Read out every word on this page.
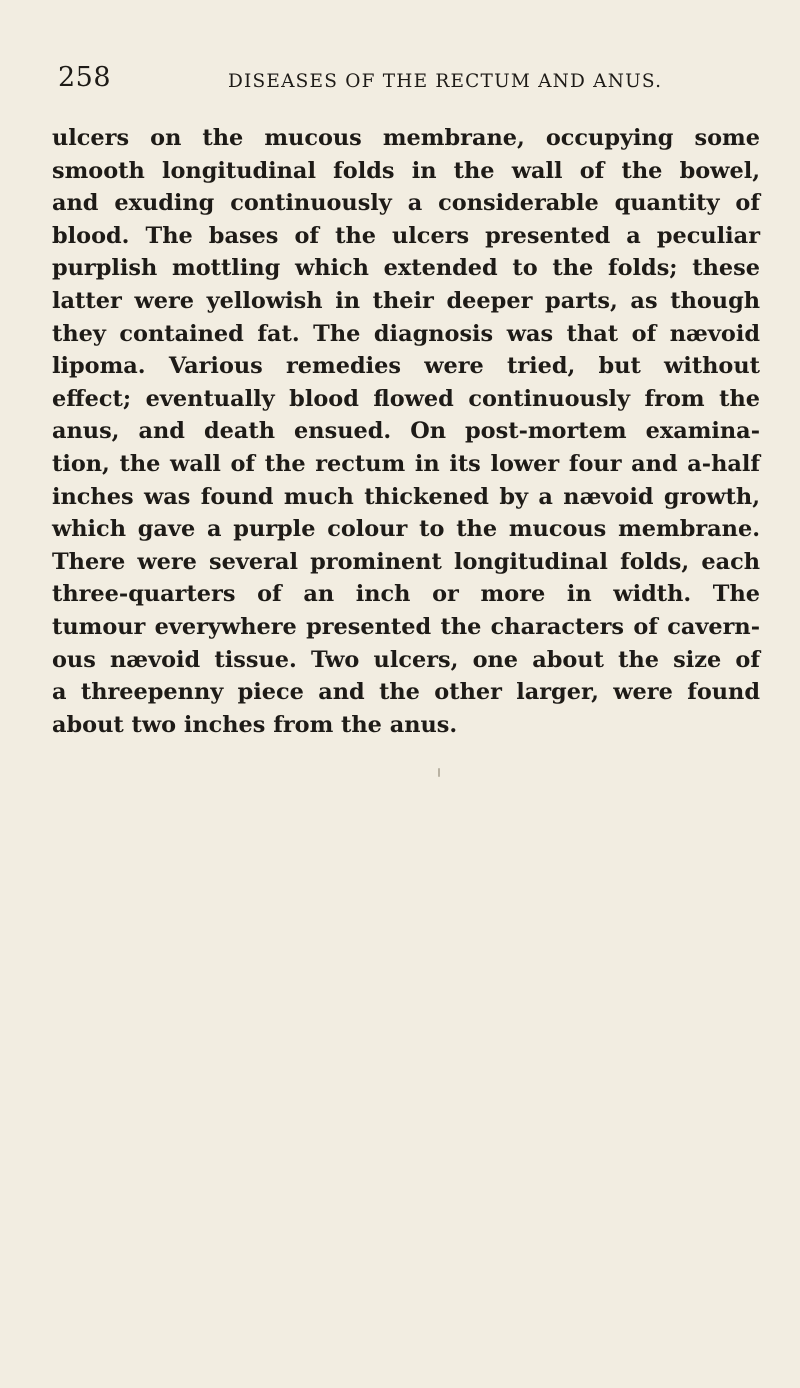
258	DISEASES OF THE RECTUM AND ANUS.
ulcers on the mucous membrane, occupying some
smooth longitudinal folds in the wall of the bowel,
and exuding continuously a considerable quantity of
blood. The bases of the ulcers presented a peculiar
purplish mottling which extended to the folds; these
latter were yellowish in their deeper parts, as though
they contained fat. The diagnosis was that of nævoid
lipoma. Various remedies were tried, but without
effect; eventually blood flowed continuously from the
anus, and death ensued. On post-mortem examina-
tion, the wall of the rectum in its lower four and a-half
inches was found much thickened by a nævoid growth,
which gave a purple colour to the mucous membrane.
There were several prominent longitudinal folds, each
three-quarters of an inch or more in width. The
tumour everywhere presented the characters of cavern-
ous nævoid tissue. Two ulcers, one about the size of
a threepenny piece and the other larger, were found
about two inches from the anus.
